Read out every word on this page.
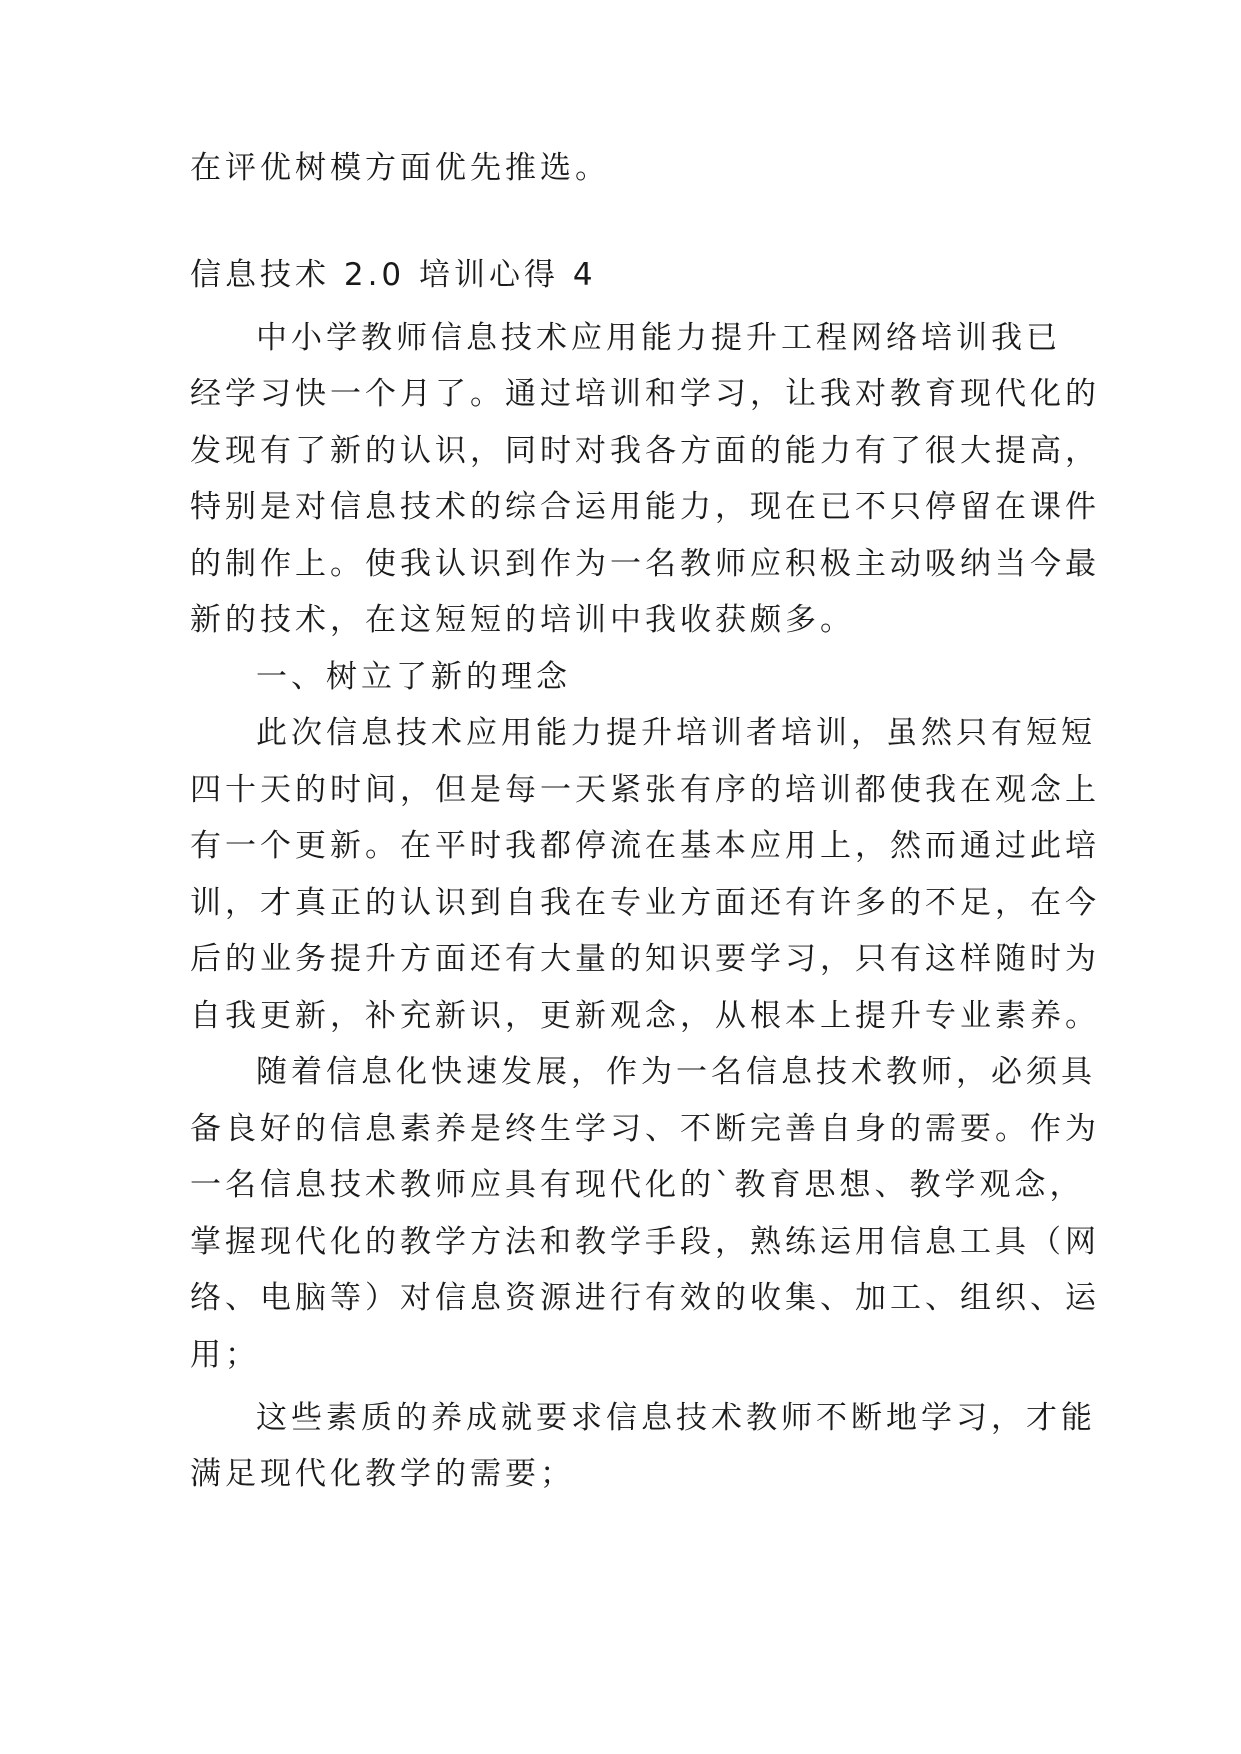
在评优树模方面优先推选。
信息技术 2.0 培训心得 4
中小学教师信息技术应用能力提升工程网络培训我已
经学习快一个月了。通过培训和学习，让我对教育现代化的
发现有了新的认识，同时对我各方面的能力有了很大提高，
特别是对信息技术的综合运用能力，现在已不只停留在课件
的制作上。使我认识到作为一名教师应积极主动吸纳当今最
新的技术，在这短短的培训中我收获颇多。
一、树立了新的理念
此次信息技术应用能力提升培训者培训，虽然只有短短
四十天的时间，但是每一天紧张有序的培训都使我在观念上
有一个更新。在平时我都停流在基本应用上，然而通过此培
训，才真正的认识到自我在专业方面还有许多的不足，在今
后的业务提升方面还有大量的知识要学习，只有这样随时为
自我更新，补充新识，更新观念，从根本上提升专业素养。
随着信息化快速发展，作为一名信息技术教师，必须具
备良好的信息素养是终生学习、不断完善自身的需要。作为
一名信息技术教师应具有现代化的`教育思想、教学观念，
掌握现代化的教学方法和教学手段，熟练运用信息工具（网
络、电脑等）对信息资源进行有效的收集、加工、组织、运
用；
这些素质的养成就要求信息技术教师不断地学习，才能
满足现代化教学的需要；
